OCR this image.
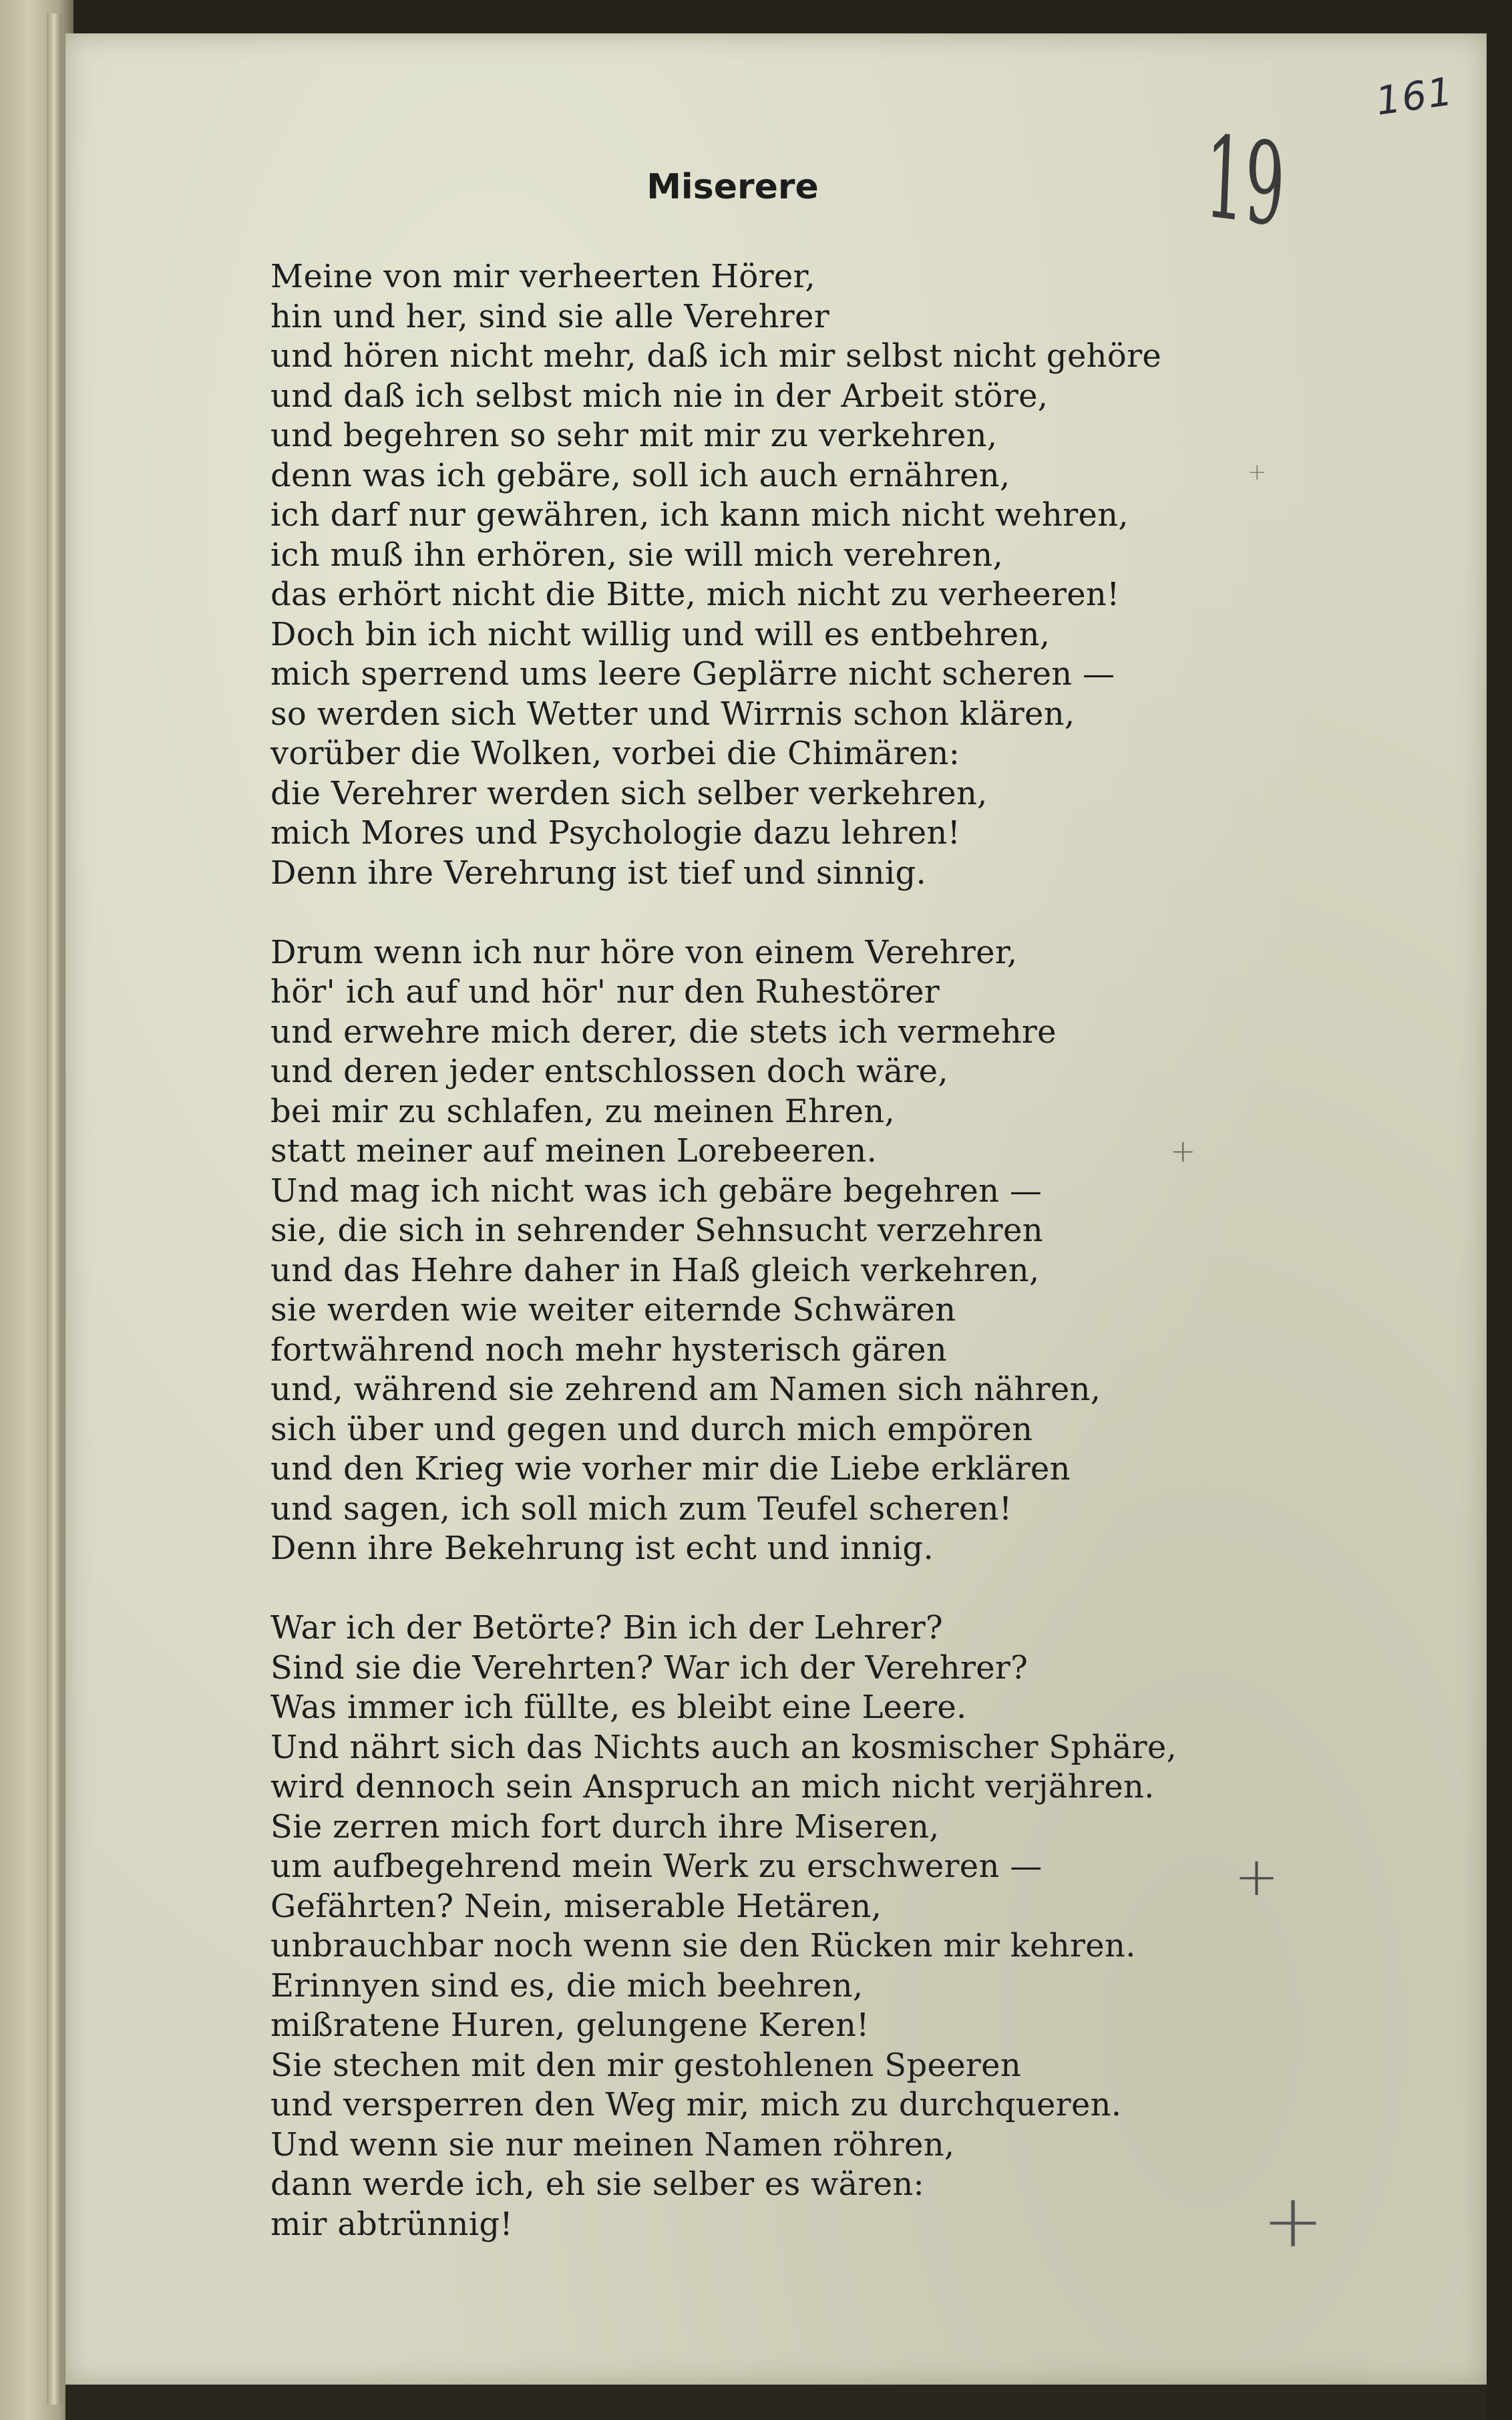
161
19
Miserere
Meine von mir verheerten Hörer,
hin und her, sind sie alle Verehrer
und hören nicht mehr, daß ich mir selbst nicht gehöre
und daß ich selbst mich nie in der Arbeit störe,
und begehren so sehr mit mir zu verkehren,
denn was ich gebäre, soll ich auch ernähren,
ich darf nur gewähren, ich kann mich nicht wehren,
ich muß ihn erhören, sie will mich verehren,
das erhört nicht die Bitte, mich nicht zu verheeren!
Doch bin ich nicht willig und will es entbehren,
mich sperrend ums leere Geplärre nicht scheren —
so werden sich Wetter und Wirrnis schon klären,
vorüber die Wolken, vorbei die Chimären:
die Verehrer werden sich selber verkehren,
mich Mores und Psychologie dazu lehren!
Denn ihre Verehrung ist tief und sinnig.
Drum wenn ich nur höre von einem Verehrer,
hör' ich auf und hör' nur den Ruhestörer
und erwehre mich derer, die stets ich vermehre
und deren jeder entschlossen doch wäre,
bei mir zu schlafen, zu meinen Ehren,
statt meiner auf meinen Lorebeeren.
Und mag ich nicht was ich gebäre begehren —
sie, die sich in sehrender Sehnsucht verzehren
und das Hehre daher in Haß gleich verkehren,
sie werden wie weiter eiternde Schwären
fortwährend noch mehr hysterisch gären
und, während sie zehrend am Namen sich nähren,
sich über und gegen und durch mich empören
und den Krieg wie vorher mir die Liebe erklären
und sagen, ich soll mich zum Teufel scheren!
Denn ihre Bekehrung ist echt und innig.
War ich der Betörte? Bin ich der Lehrer?
Sind sie die Verehrten? War ich der Verehrer?
Was immer ich füllte, es bleibt eine Leere.
Und nährt sich das Nichts auch an kosmischer Sphäre,
wird dennoch sein Anspruch an mich nicht verjähren.
Sie zerren mich fort durch ihre Miseren,
um aufbegehrend mein Werk zu erschweren —
Gefährten? Nein, miserable Hetären,
unbrauchbar noch wenn sie den Rücken mir kehren.
Erinnyen sind es, die mich beehren,
mißratene Huren, gelungene Keren!
Sie stechen mit den mir gestohlenen Speeren
und versperren den Weg mir, mich zu durchqueren.
Und wenn sie nur meinen Namen röhren,
dann werde ich, eh sie selber es wären:
mir abtrünnig!
+
+
+
+
